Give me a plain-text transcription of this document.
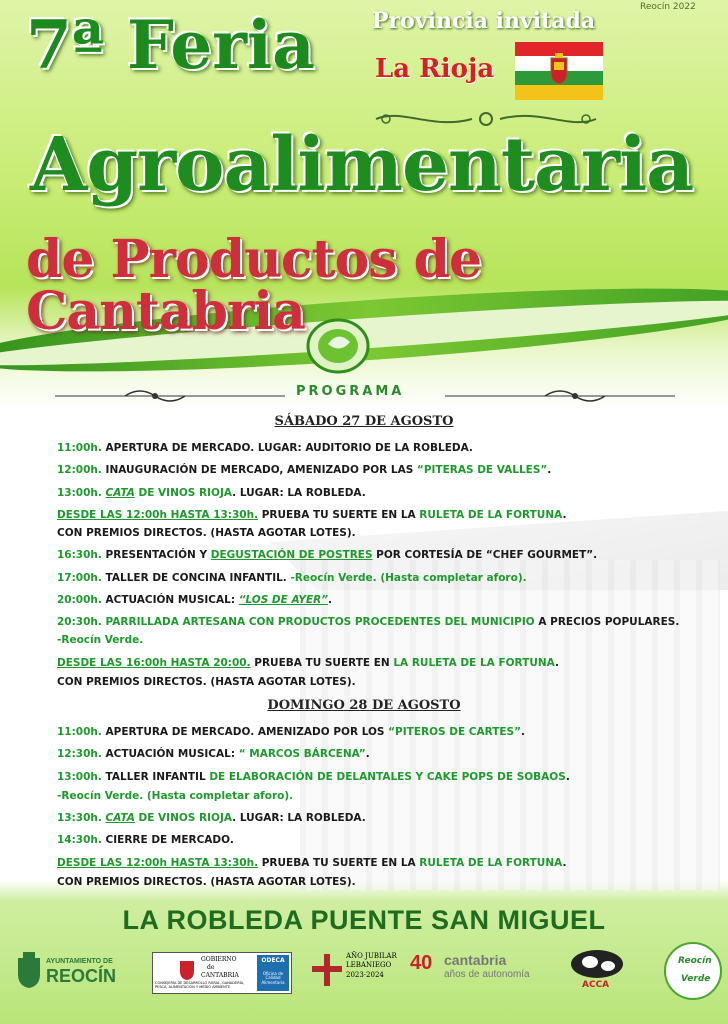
Reocín 2022
7ª Feria	Provincia invitada
La Rioja
Agroalimentaria
de Productos de Cantabria
PROGRAMA
SÁBADO 27 DE AGOSTO
11:00h. APERTURA DE MERCADO. LUGAR: AUDITORIO DE LA ROBLEDA.
12:00h. INAUGURACIÓN DE MERCADO, AMENIZADO POR LAS “PITERAS DE VALLES”.
13:00h. CATA DE VINOS RIOJA. LUGAR: LA ROBLEDA.
DESDE LAS 12:00h HASTA 13:30h. PRUEBA TU SUERTE EN LA RULETA DE LA FORTUNA.
CON PREMIOS DIRECTOS. (HASTA AGOTAR LOTES).
16:30h. PRESENTACIÓN Y DEGUSTACIÓN DE POSTRES POR CORTESÍA DE “CHEF GOURMET”.
17:00h. TALLER DE CONCINA INFANTIL. -Reocín Verde. (Hasta completar aforo).
20:00h. ACTUACIÓN MUSICAL: “LOS DE AYER”.
20:30h. PARRILLADA ARTESANA CON PRODUCTOS PROCEDENTES DEL MUNICIPIO A PRECIOS POPULARES.
-Reocín Verde.
DESDE LAS 16:00h HASTA 20:00. PRUEBA TU SUERTE EN LA RULETA DE LA FORTUNA.
CON PREMIOS DIRECTOS. (HASTA AGOTAR LOTES).
DOMINGO 28 DE AGOSTO
11:00h. APERTURA DE MERCADO. AMENIZADO POR LOS “PITEROS DE CARTES”.
12:30h. ACTUACIÓN MUSICAL: “ MARCOS BÁRCENA”.
13:00h. TALLER INFANTIL DE ELABORACIÓN DE DELANTALES Y CAKE POPS DE SOBAOS.
-Reocín Verde. (Hasta completar aforo).
13:30h. CATA DE VINOS RIOJA. LUGAR: LA ROBLEDA.
14:30h. CIERRE DE MERCADO.
DESDE LAS 12:00h HASTA 13:30h. PRUEBA TU SUERTE EN LA RULETA DE LA FORTUNA.
CON PREMIOS DIRECTOS. (HASTA AGOTAR LOTES).
LA ROBLEDA PUENTE SAN MIGUEL
AYUNTAMIENTO DE
REOCÍN
GOBIERNO
de
CANTABRIA
CONSEJERÍA DE DESARROLLO RURAL, GANADERÍA, PESCA, ALIMENTACIÓN Y MEDIO AMBIENTE
ODECA
Oficina de Calidad Alimentaria
AÑO JUBILAR
LEBANIEGO
2023·2024
40 cantabria
años de autonomía
ACCA
Reocín
Verde
